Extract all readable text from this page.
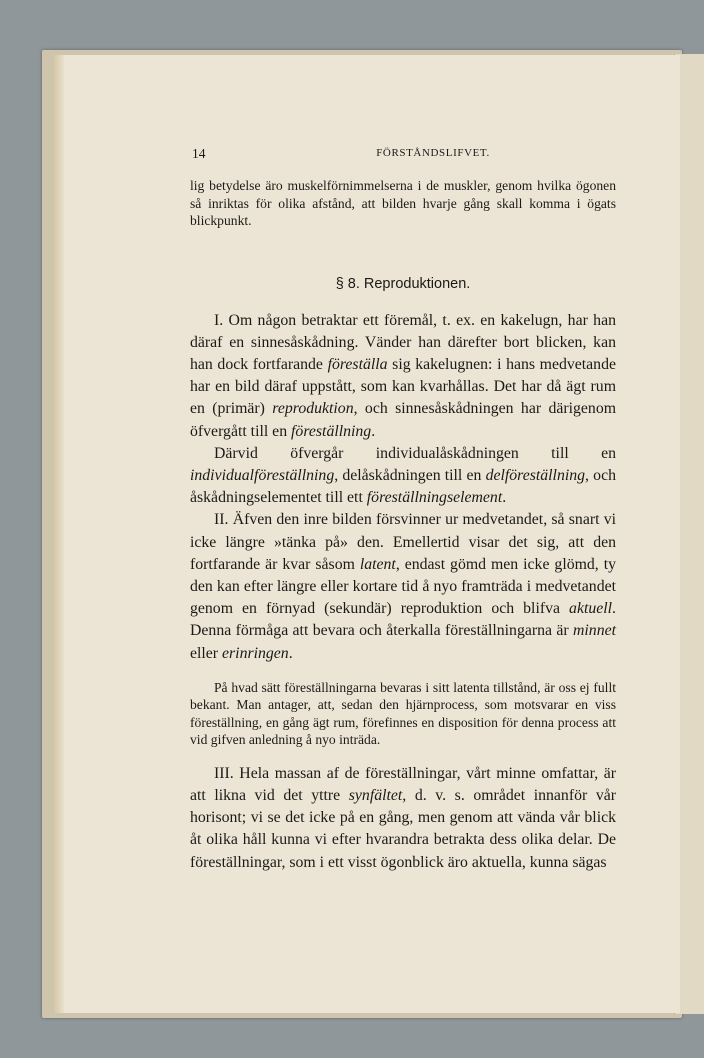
14	FÖRSTÅNDSLIFVET.

lig betydelse äro muskelförnimmelserna i de muskler, genom hvilka ögonen så inriktas för olika afstånd, att bilden hvarje gång skall komma i ögats blickpunkt.

§ 8. Reproduktionen.

I. Om någon betraktar ett föremål, t. ex. en kakelugn, har han däraf en sinnesåskådning. Vänder han därefter bort blicken, kan han dock fortfarande föreställa sig kakelugnen: i hans medvetande har en bild däraf uppstått, som kan kvarhållas. Det har då ägt rum en (primär) reproduktion, och sinnesåskådningen har därigenom öfvergått till en föreställning.

Därvid öfvergår individualåskådningen till en individualföreställning, delåskådningen till en delföreställning, och åskådningselementet till ett föreställningselement.

II. Äfven den inre bilden försvinner ur medvetandet, så snart vi icke längre »tänka på» den. Emellertid visar det sig, att den fortfarande är kvar såsom latent, endast gömd men icke glömd, ty den kan efter längre eller kortare tid å nyo framträda i medvetandet genom en förnyad (sekundär) reproduktion och blifva aktuell. Denna förmåga att bevara och återkalla föreställningarna är minnet eller erinringen.

På hvad sätt föreställningarna bevaras i sitt latenta tillstånd, är oss ej fullt bekant. Man antager, att, sedan den hjärnprocess, som motsvarar en viss föreställning, en gång ägt rum, förefinnes en disposition för denna process att vid gifven anledning å nyo inträda.

III. Hela massan af de föreställningar, vårt minne omfattar, är att likna vid det yttre synfältet, d. v. s. området innanför vår horisont; vi se det icke på en gång, men genom att vända vår blick åt olika håll kunna vi efter hvarandra betrakta dess olika delar. De föreställningar, som i ett visst ögonblick äro aktuella, kunna sägas
